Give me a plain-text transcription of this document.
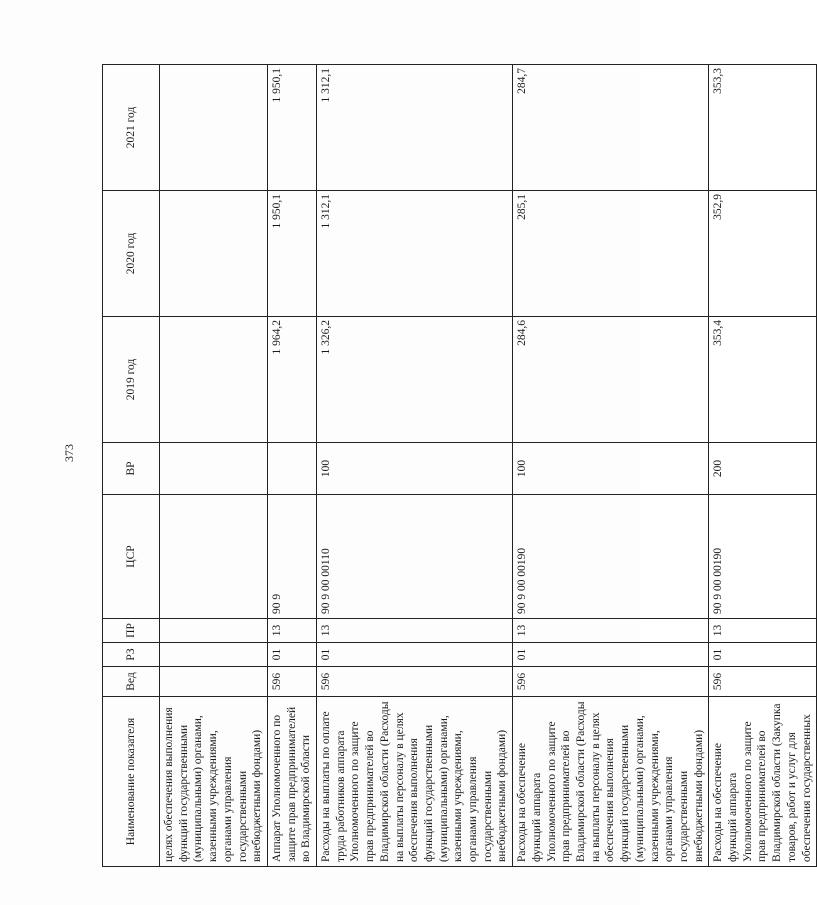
373
Наименование показателя	Вед	РЗ	ПР	ЦСР	ВР	2019 год	2020 год	2021 год
целях обеспечения выполнения функций государственными (муниципальными) органами, казенными учреждениями, органами управления государственными внебюджетными фондами)								
Аппарат Уполномоченного по защите прав предпринимателей во Владимирской области	596	01	13	90 9		1 964,2	1 950,1	1 950,1
Расходы на выплаты по оплате труда работников аппарата Уполномоченного по защите прав предпринимателей во Владимирской области (Расходы на выплаты персоналу в целях обеспечения выполнения функций государственными (муниципальными) органами, казенными учреждениями, органами управления государственными внебюджетными фондами)	596	01	13	90 9 00 00110	100	1 326,2	1 312,1	1 312,1
Расходы на обеспечение функций аппарата Уполномоченного по защите прав предпринимателей во Владимирской области (Расходы на выплаты персоналу в целях обеспечения выполнения функций государственными (муниципальными) органами, казенными учреждениями, органами управления государственными внебюджетными фондами)	596	01	13	90 9 00 00190	100	284,6	285,1	284,7
Расходы на обеспечение функций аппарата Уполномоченного по защите прав предпринимателей во Владимирской области (Закупка товаров, работ и услуг для обеспечения государственных	596	01	13	90 9 00 00190	200	353,4	352,9	353,3
